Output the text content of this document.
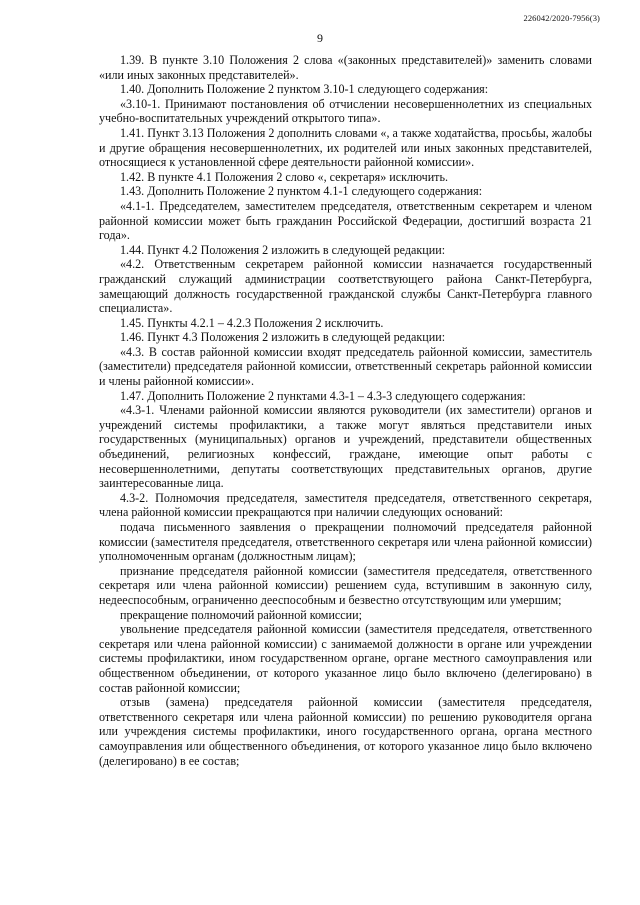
226042/2020-7956(3)
9

1.39. В пункте 3.10 Положения 2 слова «(законных представителей)» заменить словами «или иных законных представителей».

1.40. Дополнить Положение 2 пунктом 3.10-1 следующего содержания:

«3.10-1. Принимают постановления об отчислении несовершеннолетних из специальных учебно-воспитательных учреждений открытого типа».

1.41. Пункт 3.13 Положения 2 дополнить словами «, а также ходатайства, просьбы, жалобы и другие обращения несовершеннолетних, их родителей или иных законных представителей, относящиеся к установленной сфере деятельности районной комиссии».

1.42. В пункте 4.1 Положения 2 слово «, секретаря» исключить.

1.43. Дополнить Положение 2 пунктом 4.1-1 следующего содержания:

«4.1-1. Председателем, заместителем председателя, ответственным секретарем и членом районной комиссии может быть гражданин Российской Федерации, достигший возраста 21 года».

1.44. Пункт 4.2 Положения 2 изложить в следующей редакции:

«4.2. Ответственным секретарем районной комиссии назначается государственный гражданский служащий администрации соответствующего района Санкт-Петербурга, замещающий должность государственной гражданской службы Санкт-Петербурга главного специалиста».

1.45. Пункты 4.2.1 – 4.2.3 Положения 2 исключить.

1.46. Пункт 4.3 Положения 2 изложить в следующей редакции:

«4.3. В состав районной комиссии входят председатель районной комиссии, заместитель (заместители) председателя районной комиссии, ответственный секретарь районной комиссии и члены районной комиссии».

1.47. Дополнить Положение 2 пунктами 4.3-1 – 4.3-3 следующего содержания:

«4.3-1. Членами районной комиссии являются руководители (их заместители) органов и учреждений системы профилактики, а также могут являться представители иных государственных (муниципальных) органов и учреждений, представители общественных объединений, религиозных конфессий, граждане, имеющие опыт работы с несовершеннолетними, депутаты соответствующих представительных органов, другие заинтересованные лица.

4.3-2. Полномочия председателя, заместителя председателя, ответственного секретаря, члена районной комиссии прекращаются при наличии следующих оснований:

подача письменного заявления о прекращении полномочий председателя районной комиссии (заместителя председателя, ответственного секретаря или члена районной комиссии) уполномоченным органам (должностным лицам);

признание председателя районной комиссии (заместителя председателя, ответственного секретаря или члена районной комиссии) решением суда, вступившим в законную силу, недееспособным, ограниченно дееспособным и безвестно отсутствующим или умершим;

прекращение полномочий районной комиссии;

увольнение председателя районной комиссии (заместителя председателя, ответственного секретаря или члена районной комиссии) с занимаемой должности в органе или учреждении системы профилактики, ином государственном органе, органе местного самоуправления или общественном объединении, от которого указанное лицо было включено (делегировано) в состав районной комиссии;

отзыв (замена) председателя районной комиссии (заместителя председателя, ответственного секретаря или члена районной комиссии) по решению руководителя органа или учреждения системы профилактики, иного государственного органа, органа местного самоуправления или общественного объединения, от которого указанное лицо было включено (делегировано) в ее состав;
